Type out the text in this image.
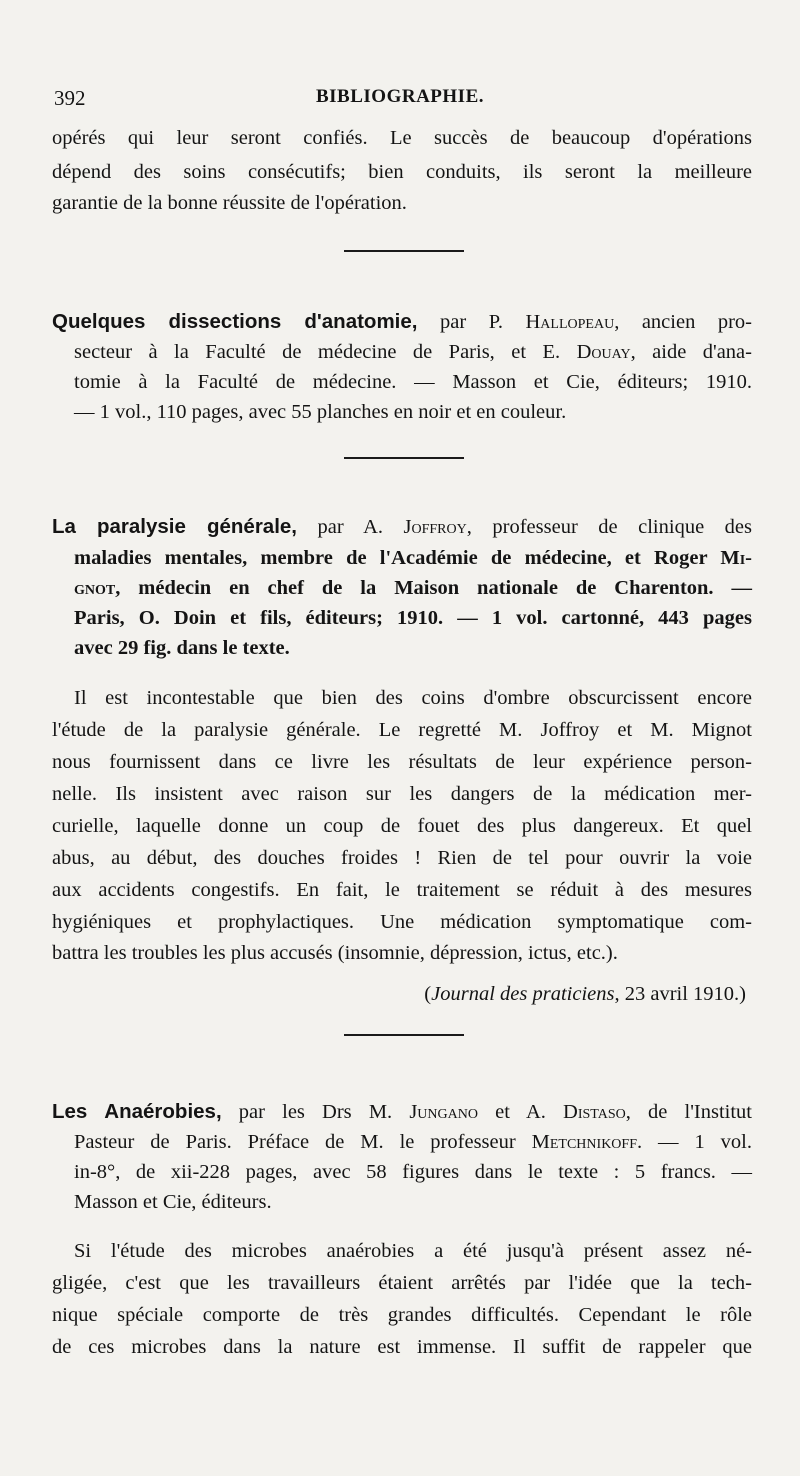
392	BIBLIOGRAPHIE.
opérés qui leur seront confiés. Le succès de beaucoup d'opérations
dépend des soins consécutifs; bien conduits, ils seront la meilleure
garantie de la bonne réussite de l'opération.
Quelques dissections d'anatomie, par P. Hallopeau, ancien pro-
secteur à la Faculté de médecine de Paris, et E. Douay, aide d'ana-
tomie à la Faculté de médecine. — Masson et Cie, éditeurs; 1910.
— 1 vol., 110 pages, avec 55 planches en noir et en couleur.
La paralysie générale, par A. Joffroy, professeur de clinique des
maladies mentales, membre de l'Académie de médecine, et Roger Mi-
gnot, médecin en chef de la Maison nationale de Charenton. —
Paris, O. Doin et fils, éditeurs; 1910. — 1 vol. cartonné, 443 pages
avec 29 fig. dans le texte.
Il est incontestable que bien des coins d'ombre obscurcissent encore
l'étude de la paralysie générale. Le regretté M. Joffroy et M. Mignot
nous fournissent dans ce livre les résultats de leur expérience person-
nelle. Ils insistent avec raison sur les dangers de la médication mer-
curielle, laquelle donne un coup de fouet des plus dangereux. Et quel
abus, au début, des douches froides ! Rien de tel pour ouvrir la voie
aux accidents congestifs. En fait, le traitement se réduit à des mesures
hygiéniques et prophylactiques. Une médication symptomatique com-
battra les troubles les plus accusés (insomnie, dépression, ictus, etc.).
(Journal des praticiens, 23 avril 1910.)
Les Anaérobies, par les Drs M. Jungano et A. Distaso, de l'Institut
Pasteur de Paris. Préface de M. le professeur Metchnikoff. — 1 vol.
in-8°, de xii-228 pages, avec 58 figures dans le texte : 5 francs. —
Masson et Cie, éditeurs.
Si l'étude des microbes anaérobies a été jusqu'à présent assez né-
gligée, c'est que les travailleurs étaient arrêtés par l'idée que la tech-
nique spéciale comporte de très grandes difficultés. Cependant le rôle
de ces microbes dans la nature est immense. Il suffit de rappeler que
